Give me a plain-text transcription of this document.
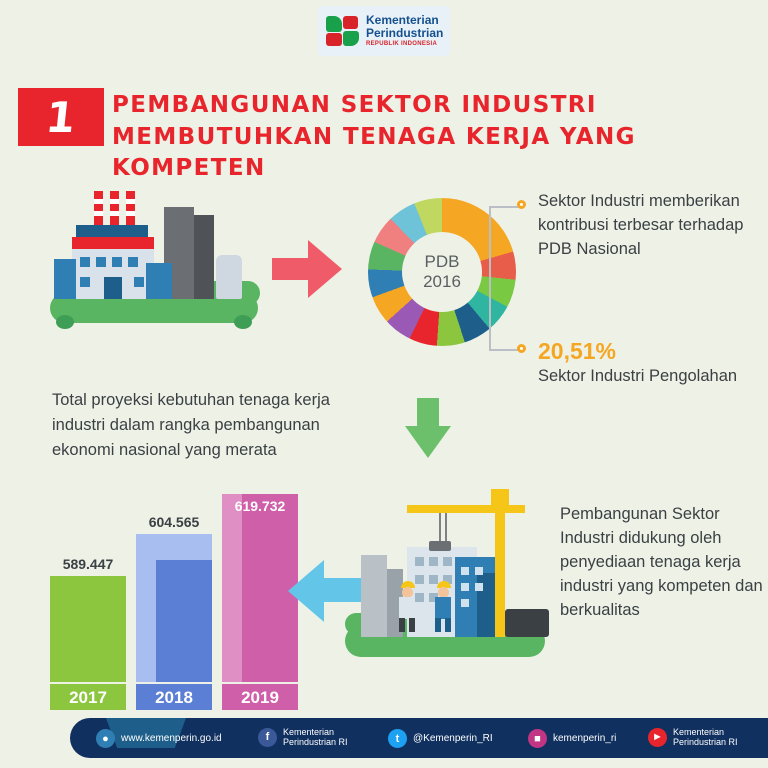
Kementerian
Perindustrian
REPUBLIK INDONESIA
1 PEMBANGUNAN SEKTOR INDUSTRI MEMBUTUHKAN TENAGA KERJA YANG KOMPETEN
PDB
2016
Sektor Industri memberikan kontribusi terbesar terhadap PDB Nasional
20,51%
Sektor Industri Pengolahan
Total proyeksi kebutuhan tenaga kerja industri dalam rangka pembangunan ekonomi nasional yang merata
589.447
2017
604.565
2018
619.732
2019
Pembangunan Sektor Industri didukung oleh penyediaan tenaga kerja industri yang kompeten dan berkualitas
●	www.kemenperin.go.id	f	Kementerian
Perindustrian RI	t	@Kemenperin_RI	■	kemenperin_ri	►	Kementerian
Perindustrian RI
